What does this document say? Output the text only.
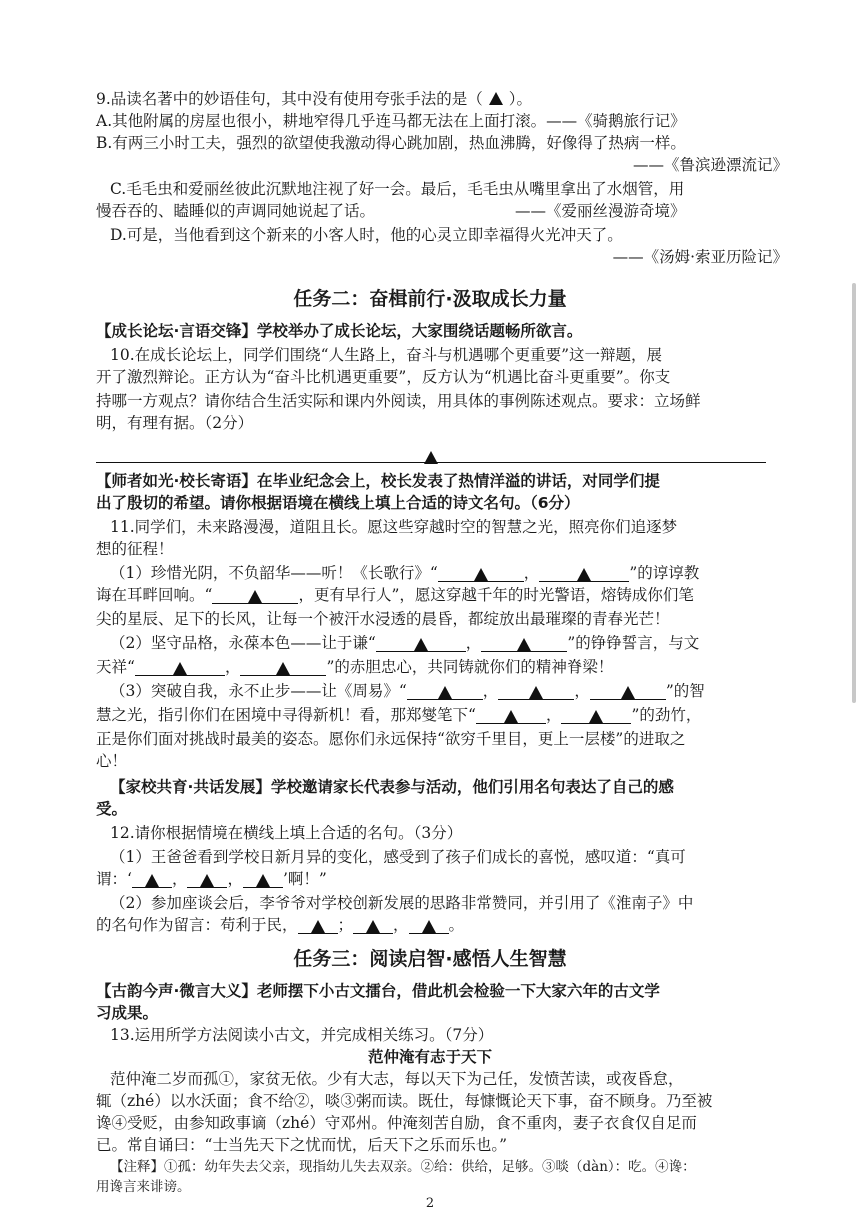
9.品读名著中的妙语佳句，其中没有使用夸张手法的是（ ）。
A.其他附属的房屋也很小，耕地窄得几乎连马都无法在上面打滚。——《骑鹅旅行记》
B.有两三小时工夫，强烈的欲望使我激动得心跳加剧，热血沸腾，好像得了热病一样。
——《鲁滨逊漂流记》
C.毛毛虫和爱丽丝彼此沉默地注视了好一会。最后，毛毛虫从嘴里拿出了水烟管，用
慢吞吞的、瞌睡似的声调同她说起了话。	——《爱丽丝漫游奇境》
D.可是，当他看到这个新来的小客人时，他的心灵立即幸福得火光冲天了。
——《汤姆·索亚历险记》
任务二：奋楫前行·汲取成长力量
【成长论坛·言语交锋】学校举办了成长论坛，大家围绕话题畅所欲言。
10.在成长论坛上，同学们围绕“人生路上，奋斗与机遇哪个更重要”这一辩题，展
开了激烈辩论。正方认为“奋斗比机遇更重要”，反方认为“机遇比奋斗更重要”。你支
持哪一方观点？请你结合生活实际和课内外阅读，用具体的事例陈述观点。要求：立场鲜
明，有理有据。（2分）
【师者如光·校长寄语】在毕业纪念会上，校长发表了热情洋溢的讲话，对同学们提
出了殷切的希望。请你根据语境在横线上填上合适的诗文名句。（6分）
11.同学们，未来路漫漫，道阻且长。愿这些穿越时空的智慧之光，照亮你们追逐梦
想的征程！
（1）珍惜光阴，不负韶华——听！《长歌行》“	，	”的谆谆教
诲在耳畔回响。“	，更有早行人”，愿这穿越千年的时光警语，熔铸成你们笔
尖的星辰、足下的长风，让每一个被汗水浸透的晨昏，都绽放出最璀璨的青春光芒！
（2）坚守品格，永葆本色——让于谦“	，	”的铮铮誓言，与文
天祥“	，	”的赤胆忠心，共同铸就你们的精神脊梁！
（3）突破自我，永不止步——让《周易》“	，	，	”的智
慧之光，指引你们在困境中寻得新机！看，那郑燮笔下“	，	”的劲竹，
正是你们面对挑战时最美的姿态。愿你们永远保持“欲穷千里目，更上一层楼”的进取之
心！
【家校共育·共话发展】学校邀请家长代表参与活动，他们引用名句表达了自己的感
受。
12.请你根据情境在横线上填上合适的名句。（3分）
（1）王爸爸看到学校日新月异的变化，感受到了孩子们成长的喜悦，感叹道：“真可
谓：‘	，	，	’啊！”
（2）参加座谈会后，李爷爷对学校创新发展的思路非常赞同，并引用了《淮南子》中
的名句作为留言：苟利于民，	；	，	。
任务三：阅读启智·感悟人生智慧
【古韵今声·微言大义】老师摆下小古文擂台，借此机会检验一下大家六年的古文学
习成果。
13.运用所学方法阅读小古文，并完成相关练习。（7分）
范仲淹有志于天下
范仲淹二岁而孤①，家贫无依。少有大志，每以天下为己任，发愤苦读，或夜昏怠，
辄（zhé）以水沃面；食不给②，啖③粥而读。既仕，每慷慨论天下事，奋不顾身。乃至被
谗④受贬，由参知政事谪（zhé）守邓州。仲淹刻苦自励，食不重肉，妻子衣食仅自足而
已。常自诵曰：“士当先天下之忧而忧，后天下之乐而乐也。”
【注释】①孤：幼年失去父亲，现指幼儿失去双亲。②给：供给，足够。③啖（dàn）：吃。④谗：
用谗言来诽谤。
2
